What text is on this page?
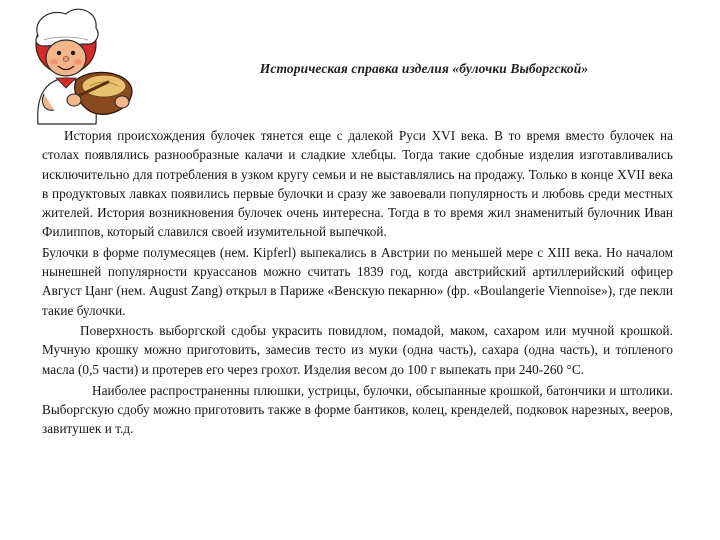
Историческая справка изделия «булочки Выборгской»

История происхождения булочек тянется еще с далекой Руси XVI века. В то время вместо булочек на столах появлялись разнообразные калачи и сладкие хлебцы. Тогда такие сдобные изделия изготавливались исключительно для потребления в узком кругу семьи и не выставлялись на продажу. Только в конце XVII века в продуктовых лавках появились первые булочки и сразу же завоевали популярность и любовь среди местных жителей. История возникновения булочек очень интересна. Тогда в то время жил знаменитый булочник Иван Филиппов, который славился своей изумительной выпечкой.

Булочки в форме полумесяцев (нем. Kipferl) выпекались в Австрии по меньшей мере с XIII века. Но началом нынешней популярности круассанов можно считать 1839 год, когда австрийский артиллерийский офицер Август Цанг (нем. August Zang) открыл в Париже «Венскую пекарню» (фр. «Boulangerie Viennoise»), где пекли такие булочки.

Поверхность выборгской сдобы украсить повидлом, помадой, маком, сахаром или мучной крошкой. Мучную крошку можно приготовить, замесив тесто из муки (одна часть), сахара (одна часть), и топленого масла (0,5 части) и протерев его через грохот. Изделия весом до 100 г выпекать при 240-260 °С.

Наиболее распространенны плюшки, устрицы, булочки, обсыпанные крошкой, батончики и штолики. Выборгскую сдобу можно приготовить также в форме бантиков, колец, кренделей, подковок нарезных, вееров, завитушек и т.д.
